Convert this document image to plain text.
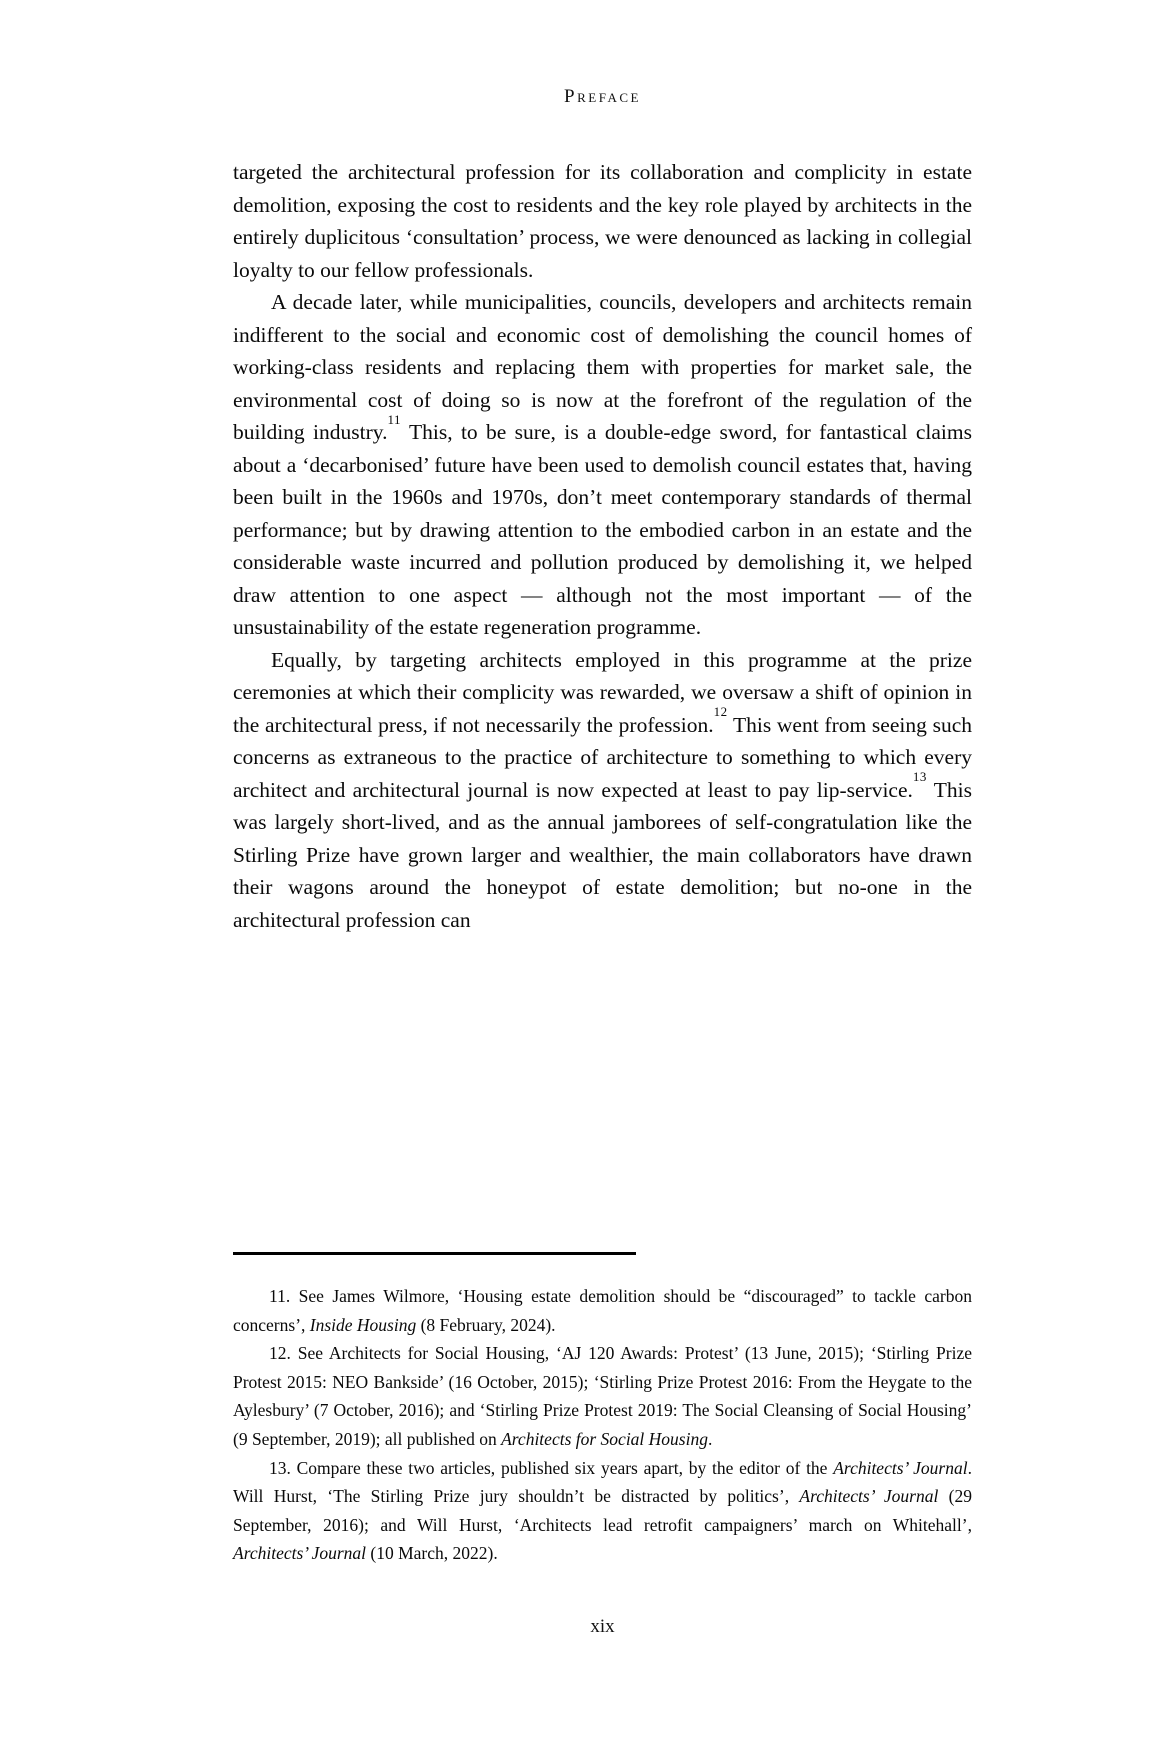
Preface

targeted the architectural profession for its collaboration and complicity in estate demolition, exposing the cost to residents and the key role played by architects in the entirely duplicitous ‘consultation’ process, we were denounced as lacking in collegial loyalty to our fellow professionals.

A decade later, while municipalities, councils, developers and architects remain indifferent to the social and economic cost of demolishing the council homes of working-class residents and replacing them with properties for market sale, the environmental cost of doing so is now at the forefront of the regulation of the building industry.$^{11}$ This, to be sure, is a double-edge sword, for fantastical claims about a ‘decarbonised’ future have been used to demolish council estates that, having been built in the 1960s and 1970s, don’t meet contemporary standards of thermal performance; but by drawing attention to the embodied carbon in an estate and the considerable waste incurred and pollution produced by demolishing it, we helped draw attention to one aspect — although not the most important — of the unsustainability of the estate regeneration programme.

Equally, by targeting architects employed in this programme at the prize ceremonies at which their complicity was rewarded, we oversaw a shift of opinion in the architectural press, if not necessarily the profession.$^{12}$ This went from seeing such concerns as extraneous to the practice of architecture to something to which every architect and architectural journal is now expected at least to pay lip-service.$^{13}$ This was largely short-lived, and as the annual jamborees of self-congratulation like the Stirling Prize have grown larger and wealthier, the main collaborators have drawn their wagons around the honeypot of estate demolition; but no-one in the architectural profession can

11. See James Wilmore, ‘Housing estate demolition should be “discouraged” to tackle carbon concerns’, Inside Housing (8 February, 2024).

12. See Architects for Social Housing, ‘AJ 120 Awards: Protest’ (13 June, 2015); ‘Stirling Prize Protest 2015: NEO Bankside’ (16 October, 2015); ‘Stirling Prize Protest 2016: From the Heygate to the Aylesbury’ (7 October, 2016); and ‘Stirling Prize Protest 2019: The Social Cleansing of Social Housing’ (9 September, 2019); all published on Architects for Social Housing.

13. Compare these two articles, published six years apart, by the editor of the Architects’ Journal. Will Hurst, ‘The Stirling Prize jury shouldn’t be distracted by politics’, Architects’ Journal (29 September, 2016); and Will Hurst, ‘Architects lead retrofit campaigners’ march on Whitehall’, Architects’ Journal (10 March, 2022).

xix
